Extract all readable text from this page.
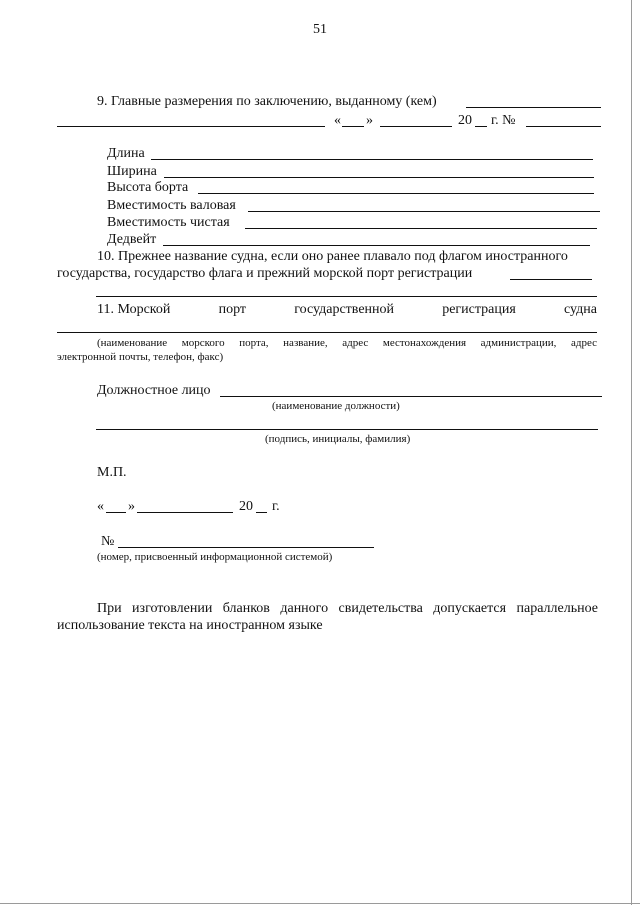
51
9. Главные размерения по заключению, выданному (кем)
« »	20 г. №
Длина
Ширина
Высота борта
Вместимость валовая
Вместимость чистая
Дедвейт
10. Прежнее название судна, если оно ранее плавало под флагом иностранного
государства, государство флага и прежний морской порт регистрации
11. Морской	порт	государственной	регистрация	судна
(наименование морского порта, название, адрес местонахождения администрации, адрес
электронной почты, телефон, факс)
Должностное лицо
(наименование должности)
(подпись, инициалы, фамилия)
М.П.
« »	20 г.
№
(номер, присвоенный информационной системой)
При изготовлении бланков данного свидетельства допускается параллельное
использование текста на иностранном языке
